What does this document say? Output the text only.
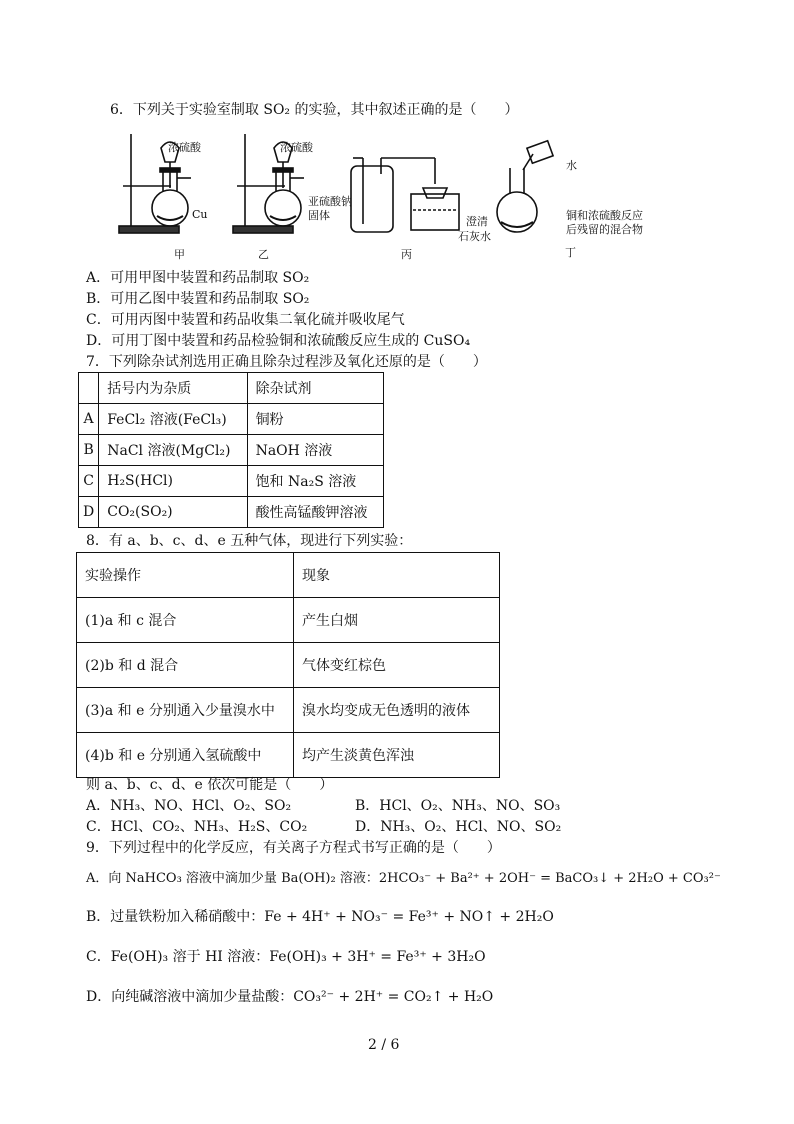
6．下列关于实验室制取 SO₂ 的实验，其中叙述正确的是（　　）
浓硫酸
Cu
甲
浓硫酸
亚硫酸钠
固体
乙
澄清
石灰水
丙
水
铜和浓硫酸反应
后残留的混合物
丁
A．可用甲图中装置和药品制取 SO₂
B．可用乙图中装置和药品制取 SO₂
C．可用丙图中装置和药品收集二氧化硫并吸收尾气
D．可用丁图中装置和药品检验铜和浓硫酸反应生成的 CuSO₄
7．下列除杂试剂选用正确且除杂过程涉及氧化还原的是（　　）
	括号内为杂质	除杂试剂
A	FeCl₂ 溶液(FeCl₃)	铜粉
B	NaCl 溶液(MgCl₂)	NaOH 溶液
C	H₂S(HCl)	饱和 Na₂S 溶液
D	CO₂(SO₂)	酸性高锰酸钾溶液
8．有 a、b、c、d、e 五种气体，现进行下列实验：
实验操作	现象
(1)a 和 c 混合	产生白烟
(2)b 和 d 混合	气体变红棕色
(3)a 和 e 分别通入少量溴水中	溴水均变成无色透明的液体
(4)b 和 e 分别通入氢硫酸中	均产生淡黄色浑浊
则 a、b、c、d、e 依次可能是（　　）
A．NH₃、NO、HCl、O₂、SO₂	B．HCl、O₂、NH₃、NO、SO₃
C．HCl、CO₂、NH₃、H₂S、CO₂	D．NH₃、O₂、HCl、NO、SO₂
9．下列过程中的化学反应，有关离子方程式书写正确的是（　　）
A．向 NaHCO₃ 溶液中滴加少量 Ba(OH)₂ 溶液：2HCO₃⁻ + Ba²⁺ + 2OH⁻ = BaCO₃↓ + 2H₂O + CO₃²⁻
B．过量铁粉加入稀硝酸中：Fe + 4H⁺ + NO₃⁻ = Fe³⁺ + NO↑ + 2H₂O
C．Fe(OH)₃ 溶于 HI 溶液：Fe(OH)₃ + 3H⁺ = Fe³⁺ + 3H₂O
D．向纯碱溶液中滴加少量盐酸：CO₃²⁻ + 2H⁺ = CO₂↑ + H₂O
2 / 6
